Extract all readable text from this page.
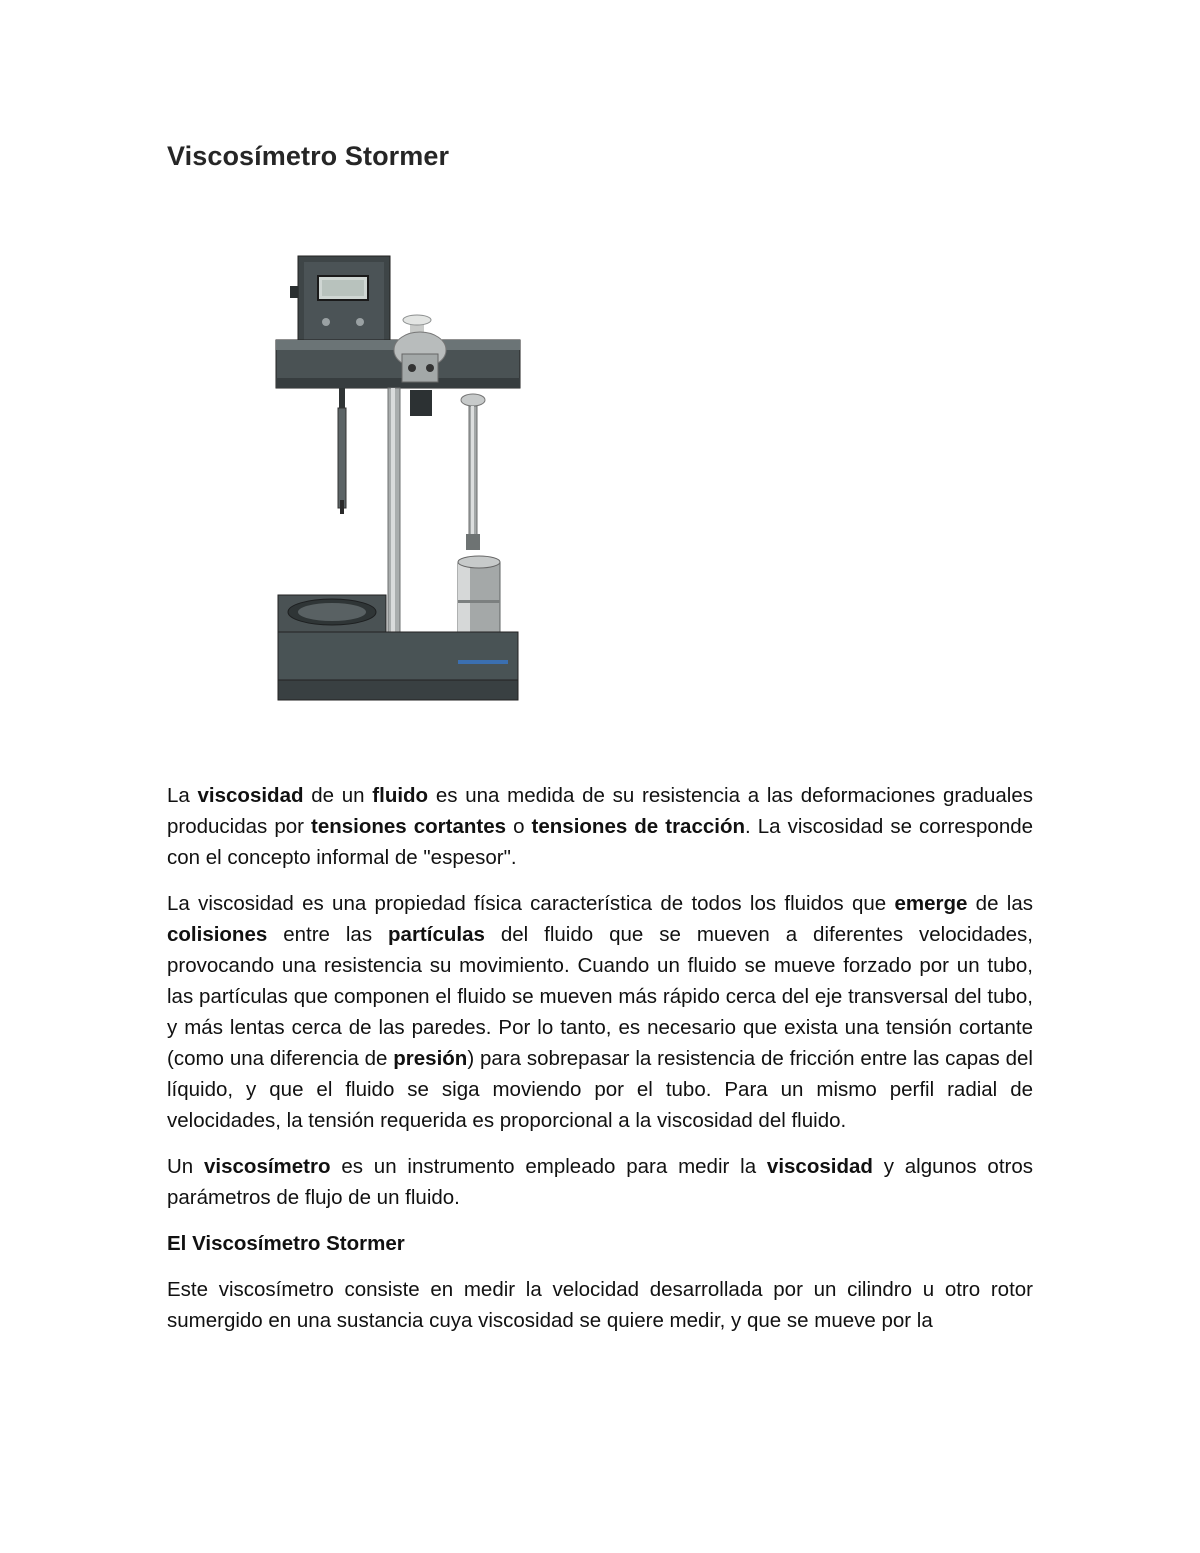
Viscosímetro Stormer

La viscosidad de un fluido es una medida de su resistencia a las deformaciones graduales producidas por tensiones cortantes o tensiones de tracción. La viscosidad se corresponde con el concepto informal de "espesor".

La viscosidad es una propiedad física característica de todos los fluidos que emerge de las colisiones entre las partículas del fluido que se mueven a diferentes velocidades, provocando una resistencia su movimiento. Cuando un fluido se mueve forzado por un tubo, las partículas que componen el fluido se mueven más rápido cerca del eje transversal del tubo, y más lentas cerca de las paredes. Por lo tanto, es necesario que exista una tensión cortante (como una diferencia de presión) para sobrepasar la resistencia de fricción entre las capas del líquido, y que el fluido se siga moviendo por el tubo. Para un mismo perfil radial de velocidades, la tensión requerida es proporcional a la viscosidad del fluido.

Un viscosímetro es un instrumento empleado para medir la viscosidad y algunos otros parámetros de flujo de un fluido.

El Viscosímetro Stormer

Este viscosímetro consiste en medir la velocidad desarrollada por un cilindro u otro rotor sumergido en una sustancia cuya viscosidad se quiere medir, y que se mueve por la
